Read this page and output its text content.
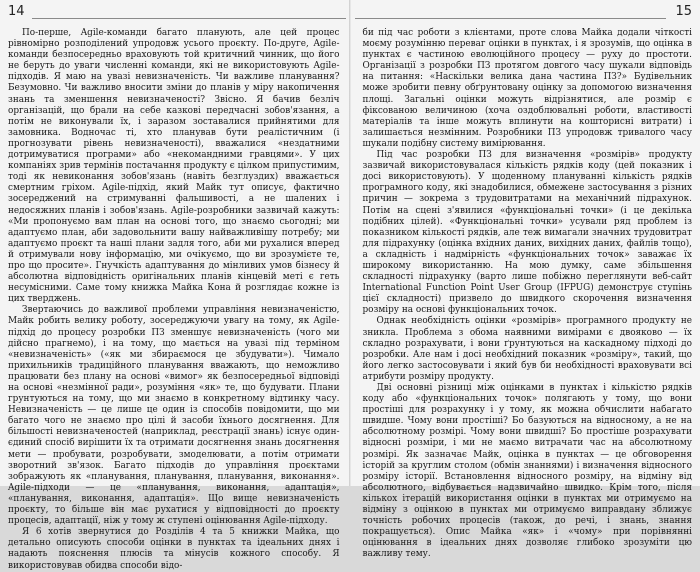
14

По-перше, Agile-команди багато планують, але цей процес рівномірно розподілений упродовж усього проєкту. По-друге, Agile-команди безпосередньо враховують той критичний чинник, що його не беруть до уваги численні команди, які не використовують Agile-підходів. Я маю на увазі невизначеність. Чи важливе планування? Безумовно. Чи важливо вносити зміни до планів у міру накопичення знань та зменшення невизначеності? Звісно. Я бачив безліч організацій, що брали на себе казкові передчасні зобов'язання, а потім не виконували їх, і заразом зоставалися прийнятими для замовника. Водночас ті, хто планував бути реалістичним (і прогнозувати рівень невизначеності), вважалися «нездатними дотримуватися програми» або «некомандними гравцями». У цих компаніях зрив термінів постачання продукту є цілком припустимим, тоді як невиконання зобов'язань (навіть безглуздих) вважається смертним гріхом. Agile-підхід, який Майк тут описує, фактично зосереджений на стримуванні фальшивості, а не шалених і недосяжних планів і зобов'язань. Agile-розробники зазвичай кажуть: «Ми пропонуємо вам план на основі того, що знаємо сьогодні; ми адаптуємо план, аби задовольнити вашу найважливішу потребу; ми адаптуємо проєкт та наші плани задля того, аби ми рухалися вперед й отримували нову інформацію, ми очікуємо, що ви зрозумієте те, про що просите». Гнучкість адаптування до мінливих умов бізнесу й абсолютна відповідність оригінальних планів кінцевій меті є геть несумісними. Саме тому книжка Майка Кона й розглядає кожне із цих тверджень.

Звертаючись до важливої проблеми управління невизначеністю, Майк робить велику роботу, зосереджуючи увагу на тому, як Agile-підхід до процесу розробки ПЗ зменшує невизначеність (чого ми дійсно прагнемо), і на тому, що мається на увазі під терміном «невизначеність» («як ми збираємося це збудувати»). Чимало прихильників традиційного планування вважають, що неможливо працювати без плану на основі «вимог» як безпосередньої відповіді на основі «незмінної ради», розуміння «як» те, що будувати. Плани грунтуються на тому, що ми знаємо в конкретному відтинку часу. Невизначеність — це лише це один із способів повідомити, що ми багато чого не знаємо про цілі й засоби їхнього досягнення. Для більшості невизначеностей (наприклад, реєстрації знань) існує один-єдиний спосіб вирішити їх та отримати досягнення знань досягнення мети — пробувати, розробувати, змоделювати, а потім отримати зворотний зв'язок. Багато підходів до управління проєктами зображують як «планування, планування, планування, виконання». Agile-підходи — це «планування, виконання, адаптація», «планування, виконання, адаптація». Що вище невизначеність проєкту, то більше він має рухатися у відповідності до проєкту процесів, адаптації, ніж у тому ж ступені оцінювання Agile-підходу.

Я 6 хотів звернутися до Розділів 4 та 5 книжки Майка, що детально описують способи оцінки в пунктах та ідеальних днях і надають пояснення плюсів та мінусів кожного способу. Я використовував обидва способи відо-

15

би під час роботи з клієнтами, проте слова Майка додали чіткості моєму розумінню переваг оцінки в пунктах, і я зрозумів, що оцінка в пунктах є частиною еволюційного процесу — руху до простоти. Організації з розробки ПЗ протягом довгого часу шукали відповідь на питання: «Наскільки велика дана частина ПЗ?» Будівельник може зробити певну обґрунтовану оцінку за допомогою визначення площі. Загальні оцінки можуть відрізнятися, але розмір є фіксованою величиною (хоча оздоблювальні роботи, властивості матеріалів та інше можуть вплинути на кошторисні витрати) і залишається незмінним. Розробники ПЗ упродовж тривалого часу шукали подібну систему вимірювання.

Під час розробки ПЗ для визначення «розмірів» продукту зазвичай використовувалася кількість рядків коду (цей показник і досі використовують). У щоденному плануванні кількість рядків програмного коду, які знадобилися, обмежене застосування з різних причин — зокрема з трудовитратами на механічний підрахунок. Потім на сцені з'явилися «функціональні точки» (і це декілька подібних цілей). «Функціональні точки» усували ряд проблем із показником кількості рядків, але теж вимагали значних трудовитрат для підрахунку (оцінка вхідних даних, вихідних даних, файлів тощо), а складність і надмірність «функціональних точок» заважає їх широкому використанню. На мою думку, саме збільшення складності підрахунку (варто лише побіжно переглянути веб-сайт International Function Point User Group (IFPUG) демонструє ступінь цієї складності) призвело до швидкого скорочення визначення розміру на основі функціональних точок.

Однак необхідність оцінки «розмірів» програмного продукту не зникла. Проблема з обома наявними вимірами є двояково — їх складно розрахувати, і вони ґрунтуються на каскадному підході до розробки. Але нам і досі необхідний показник «розміру», такий, що його легко застосовувати і який був би необхідності враховувати всі атрибути розміру продукту.

Дві основні різниці між оцінками в пунктах і кількістю рядків коду або «функціональних точок» полягають у тому, що вони простіші для розрахунку і у тому, як можна обчислити набагато швидше. Чому вони простіші? Бо базуються на відносному, а не на абсолютному розмірі. Чому вони швидші? Бо простіше розрахувати відносні розміри, і ми не маємо витрачати час на абсолютному розмірі. Як зазначає Майк, оцінка в пунктах — це обговорення історій за круглим столом (обмін знаннями) і визначення відносного розміру історії. Встановлення відносного розміру, на відміну від абсолютного, відбувається надзвичайно швидко. Крім того, після кількох ітерацій використання оцінки в пунктах ми отримуємо на відміну з оцінкою в пунктах ми отримуємо виправдану зближує точність робочих процесів (також, до речі, і знань, знання покращується). Опис Майка «як» і «чому» при порівнянні оцінювання в ідеальних днях дозволяє глибоко зрозуміти цю важливу тему.
